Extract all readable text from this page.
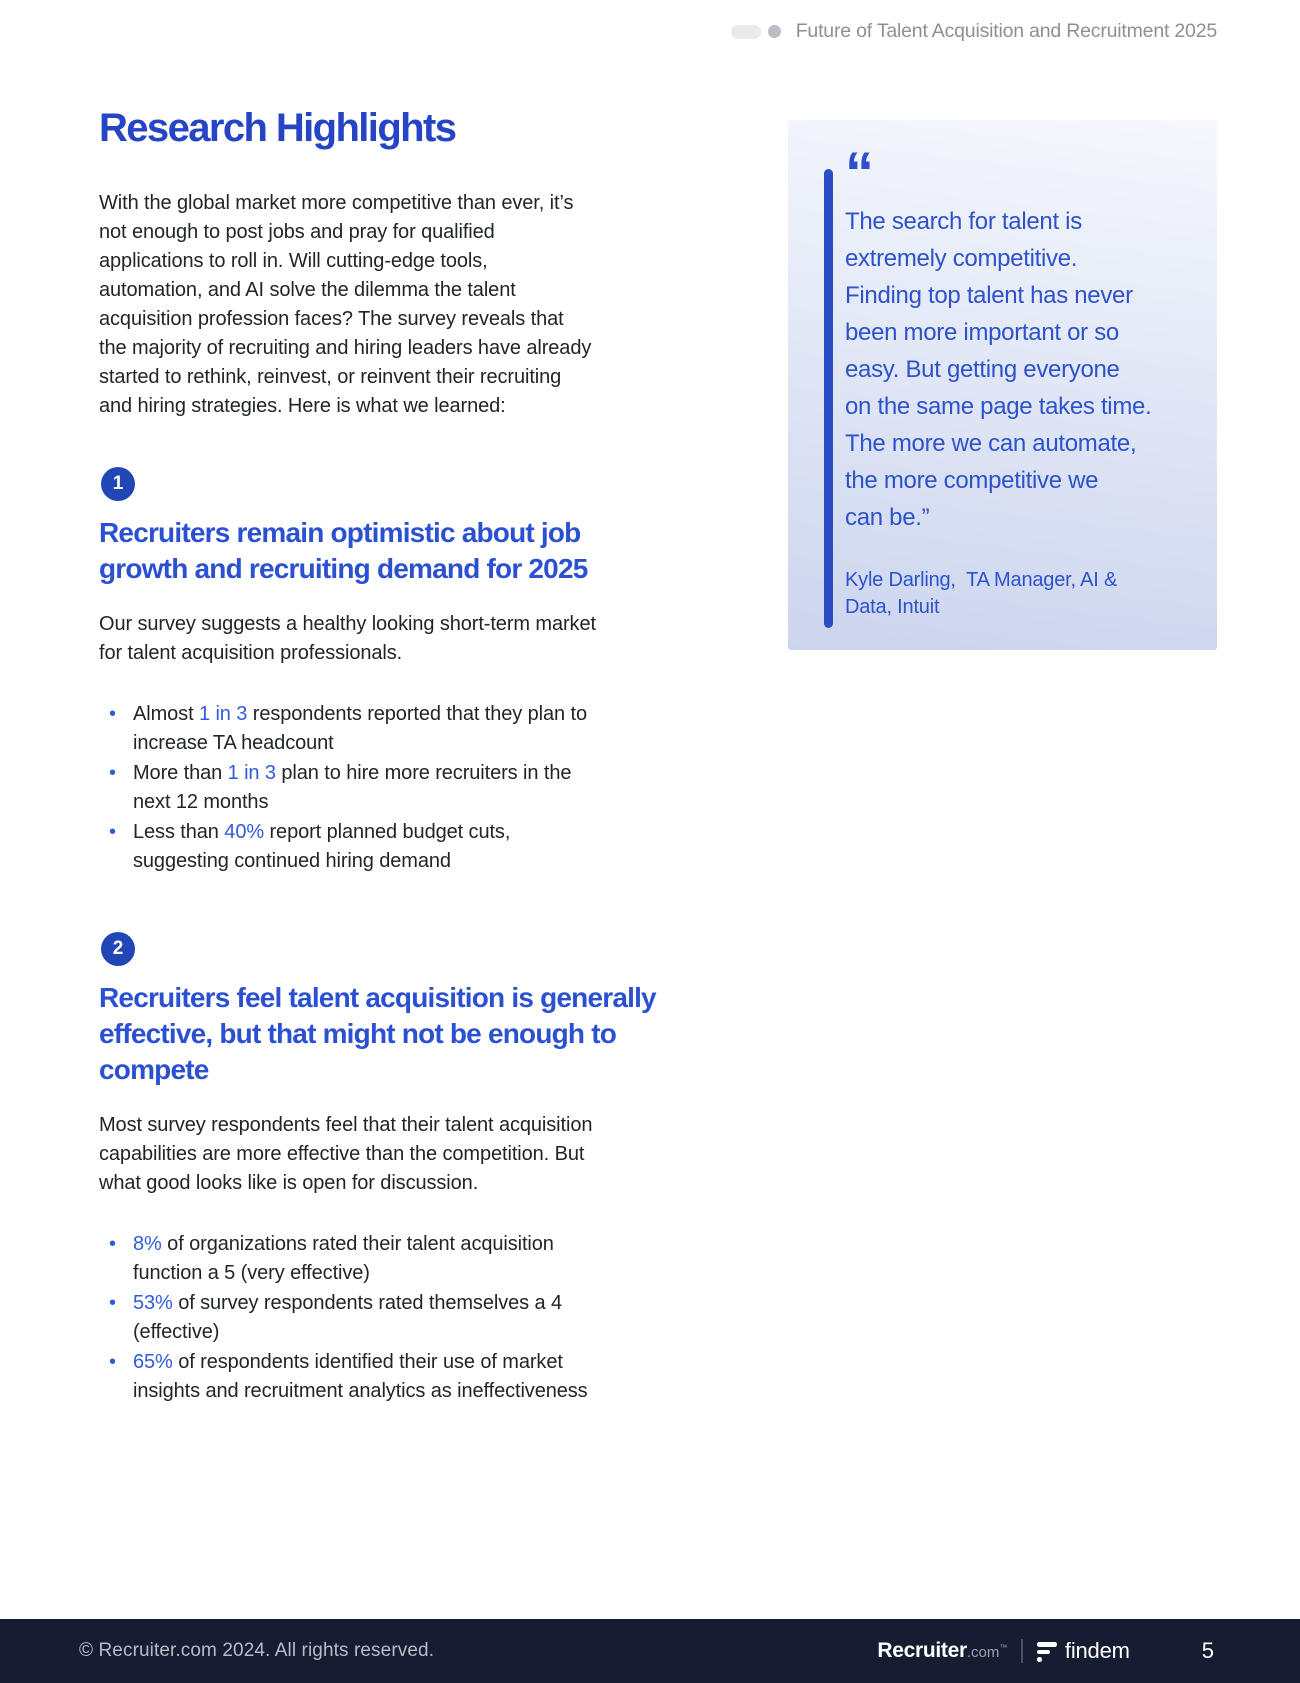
Future of Talent Acquisition and Recruitment 2025
Research Highlights
With the global market more competitive than ever, it’s
not enough to post jobs and pray for qualified
applications to roll in. Will cutting-edge tools,
automation, and AI solve the dilemma the talent
acquisition profession faces? The survey reveals that
the majority of recruiting and hiring leaders have already
started to rethink, reinvest, or reinvent their recruiting
and hiring strategies. Here is what we learned:
1
Recruiters remain optimistic about job
growth and recruiting demand for 2025
Our survey suggests a healthy looking short-term market
for talent acquisition professionals.
• Almost 1 in 3 respondents reported that they plan to
increase TA headcount
• More than 1 in 3 plan to hire more recruiters in the
next 12 months
• Less than 40% report planned budget cuts,
suggesting continued hiring demand
2
Recruiters feel talent acquisition is generally
effective, but that might not be enough to
compete
Most survey respondents feel that their talent acquisition
capabilities are more effective than the competition. But
what good looks like is open for discussion.
• 8% of organizations rated their talent acquisition
function a 5 (very effective)
• 53% of survey respondents rated themselves a 4
(effective)
• 65% of respondents identified their use of market
insights and recruitment analytics as ineffectiveness
“
The search for talent is
extremely competitive.
Finding top talent has never
been more important or so
easy. But getting everyone
on the same page takes time.
The more we can automate,
the more competitive we
can be.”
Kyle Darling,  TA Manager, AI &
Data, Intuit
© Recruiter.com 2024. All rights reserved.	Recruiter .com ™	findem	5
